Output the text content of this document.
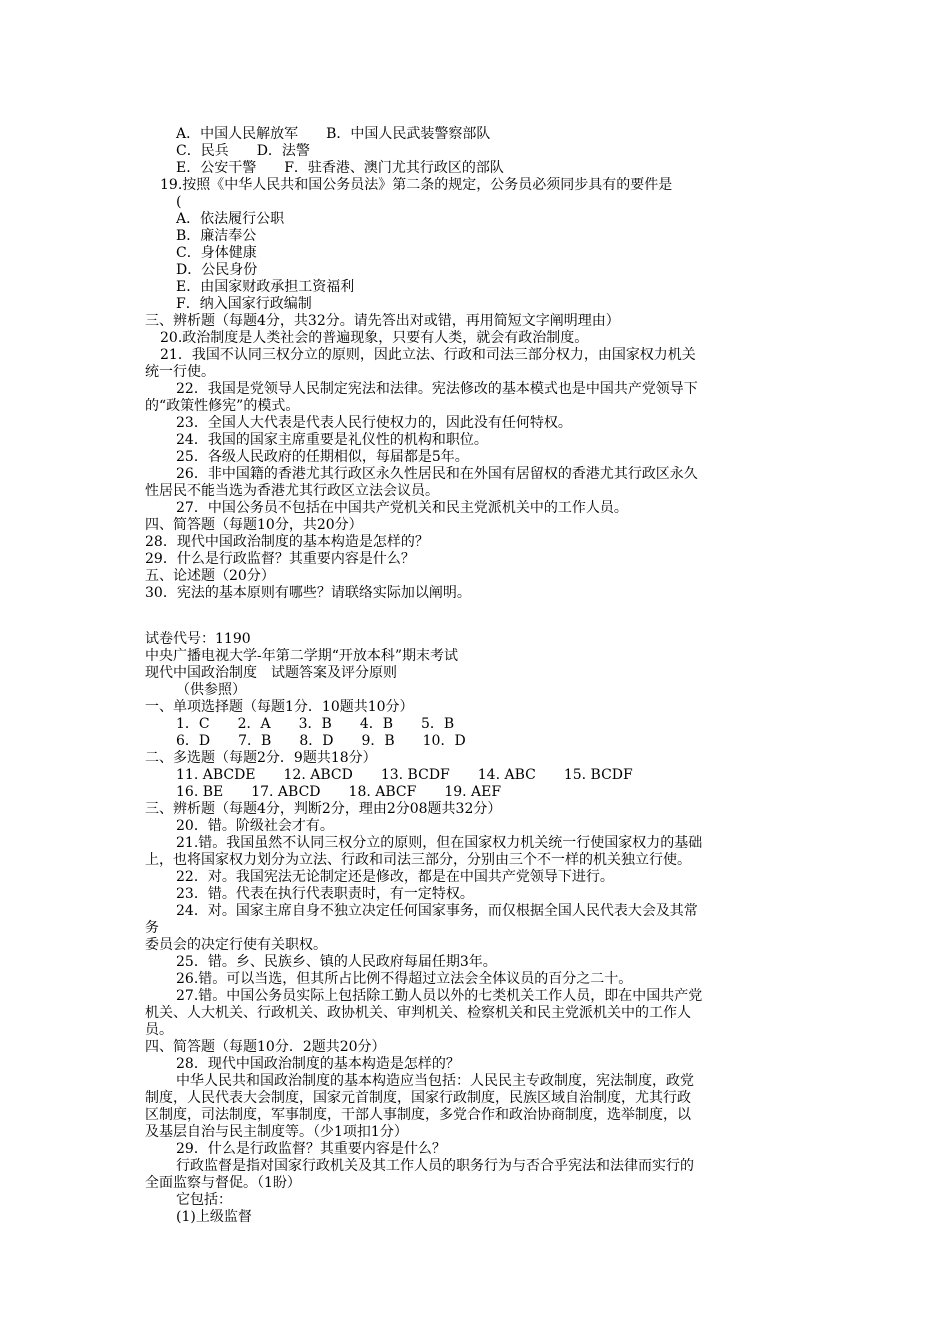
A．中国人民解放军　　B．中国人民武装警察部队
C．民兵　　D．法警
E．公安干警　　F．驻香港、澳门尤其行政区的部队
19.按照《中华人民共和国公务员法》第二条的规定，公务员必须同步具有的要件是
(
A．依法履行公职
B．廉洁奉公
C．身体健康
D．公民身份
E．由国家财政承担工资福利
F．纳入国家行政编制
三、辨析题（每题4分，共32分。请先答出对或错，再用简短文字阐明理由）
20.政治制度是人类社会的普遍现象，只要有人类，就会有政治制度。
21．我国不认同三权分立的原则，因此立法、行政和司法三部分权力，由国家权力机关
统一行使。
22．我国是党领导人民制定宪法和法律。宪法修改的基本模式也是中国共产党领导下
的“政策性修宪”的模式。
23．全国人大代表是代表人民行使权力的，因此没有任何特权。
24．我国的国家主席重要是礼仪性的机构和职位。
25．各级人民政府的任期相似，每届都是5年。
26．非中国籍的香港尤其行政区永久性居民和在外国有居留权的香港尤其行政区永久
性居民不能当选为香港尤其行政区立法会议员。
27．中国公务员不包括在中国共产党机关和民主党派机关中的工作人员。
四、简答题（每题10分，共20分）
28．现代中国政治制度的基本构造是怎样的？
29．什么是行政监督？其重要内容是什么？
五、论述题（20分）
30．宪法的基本原则有哪些？请联络实际加以阐明。
试卷代号：1190
中央广播电视大学-年第二学期“开放本科”期末考试
现代中国政治制度　试题答案及评分原则
（供参照）
一、单项选择题（每题1分．10题共10分）
1．C　　2．A　　3．B　　4．B　　5．B
6．D　　7．B　　8．D　　9．B　　10．D
二、多选题（每题2分．9题共18分）
11. ABCDE　　12. ABCD　　13. BCDF　　14. ABC　　15. BCDF
16. BE　　17. ABCD　　18. ABCF　　19. AEF
三、辨析题（每题4分，判断2分，理由2分08题共32分）
20．错。阶级社会才有。
21.错。我国虽然不认同三权分立的原则，但在国家权力机关统一行使国家权力的基础
上，也将国家权力划分为立法、行政和司法三部分，分别由三个不一样的机关独立行使。
22．对。我国宪法无论制定还是修改，都是在中国共产党领导下进行。
23．错。代表在执行代表职责时，有一定特权。
24．对。国家主席自身不独立决定任何国家事务，而仅根据全国人民代表大会及其常
务
委员会的决定行使有关职权。
25．错。乡、民族乡、镇的人民政府每届任期3年。
26.错。可以当选，但其所占比例不得超过立法会全体议员的百分之二十。
27.错。中国公务员实际上包括除工勤人员以外的七类机关工作人员，即在中国共产党
机关、人大机关、行政机关、政协机关、审判机关、检察机关和民主党派机关中的工作人
员。
四、简答题（每题10分．2题共20分）
28．现代中国政治制度的基本构造是怎样的？
中华人民共和国政治制度的基本构造应当包括：人民民主专政制度，宪法制度，政党
制度，人民代表大会制度，国家元首制度，国家行政制度，民族区域自治制度，尤其行政
区制度，司法制度，军事制度，干部人事制度，多党合作和政治协商制度，选举制度，以
及基层自治与民主制度等。（少1项扣1分）
29．什么是行政监督？其重要内容是什么？
行政监督是指对国家行政机关及其工作人员的职务行为与否合乎宪法和法律而实行的
全面监察与督促。（1盼）
它包括：
(1)上级监督
